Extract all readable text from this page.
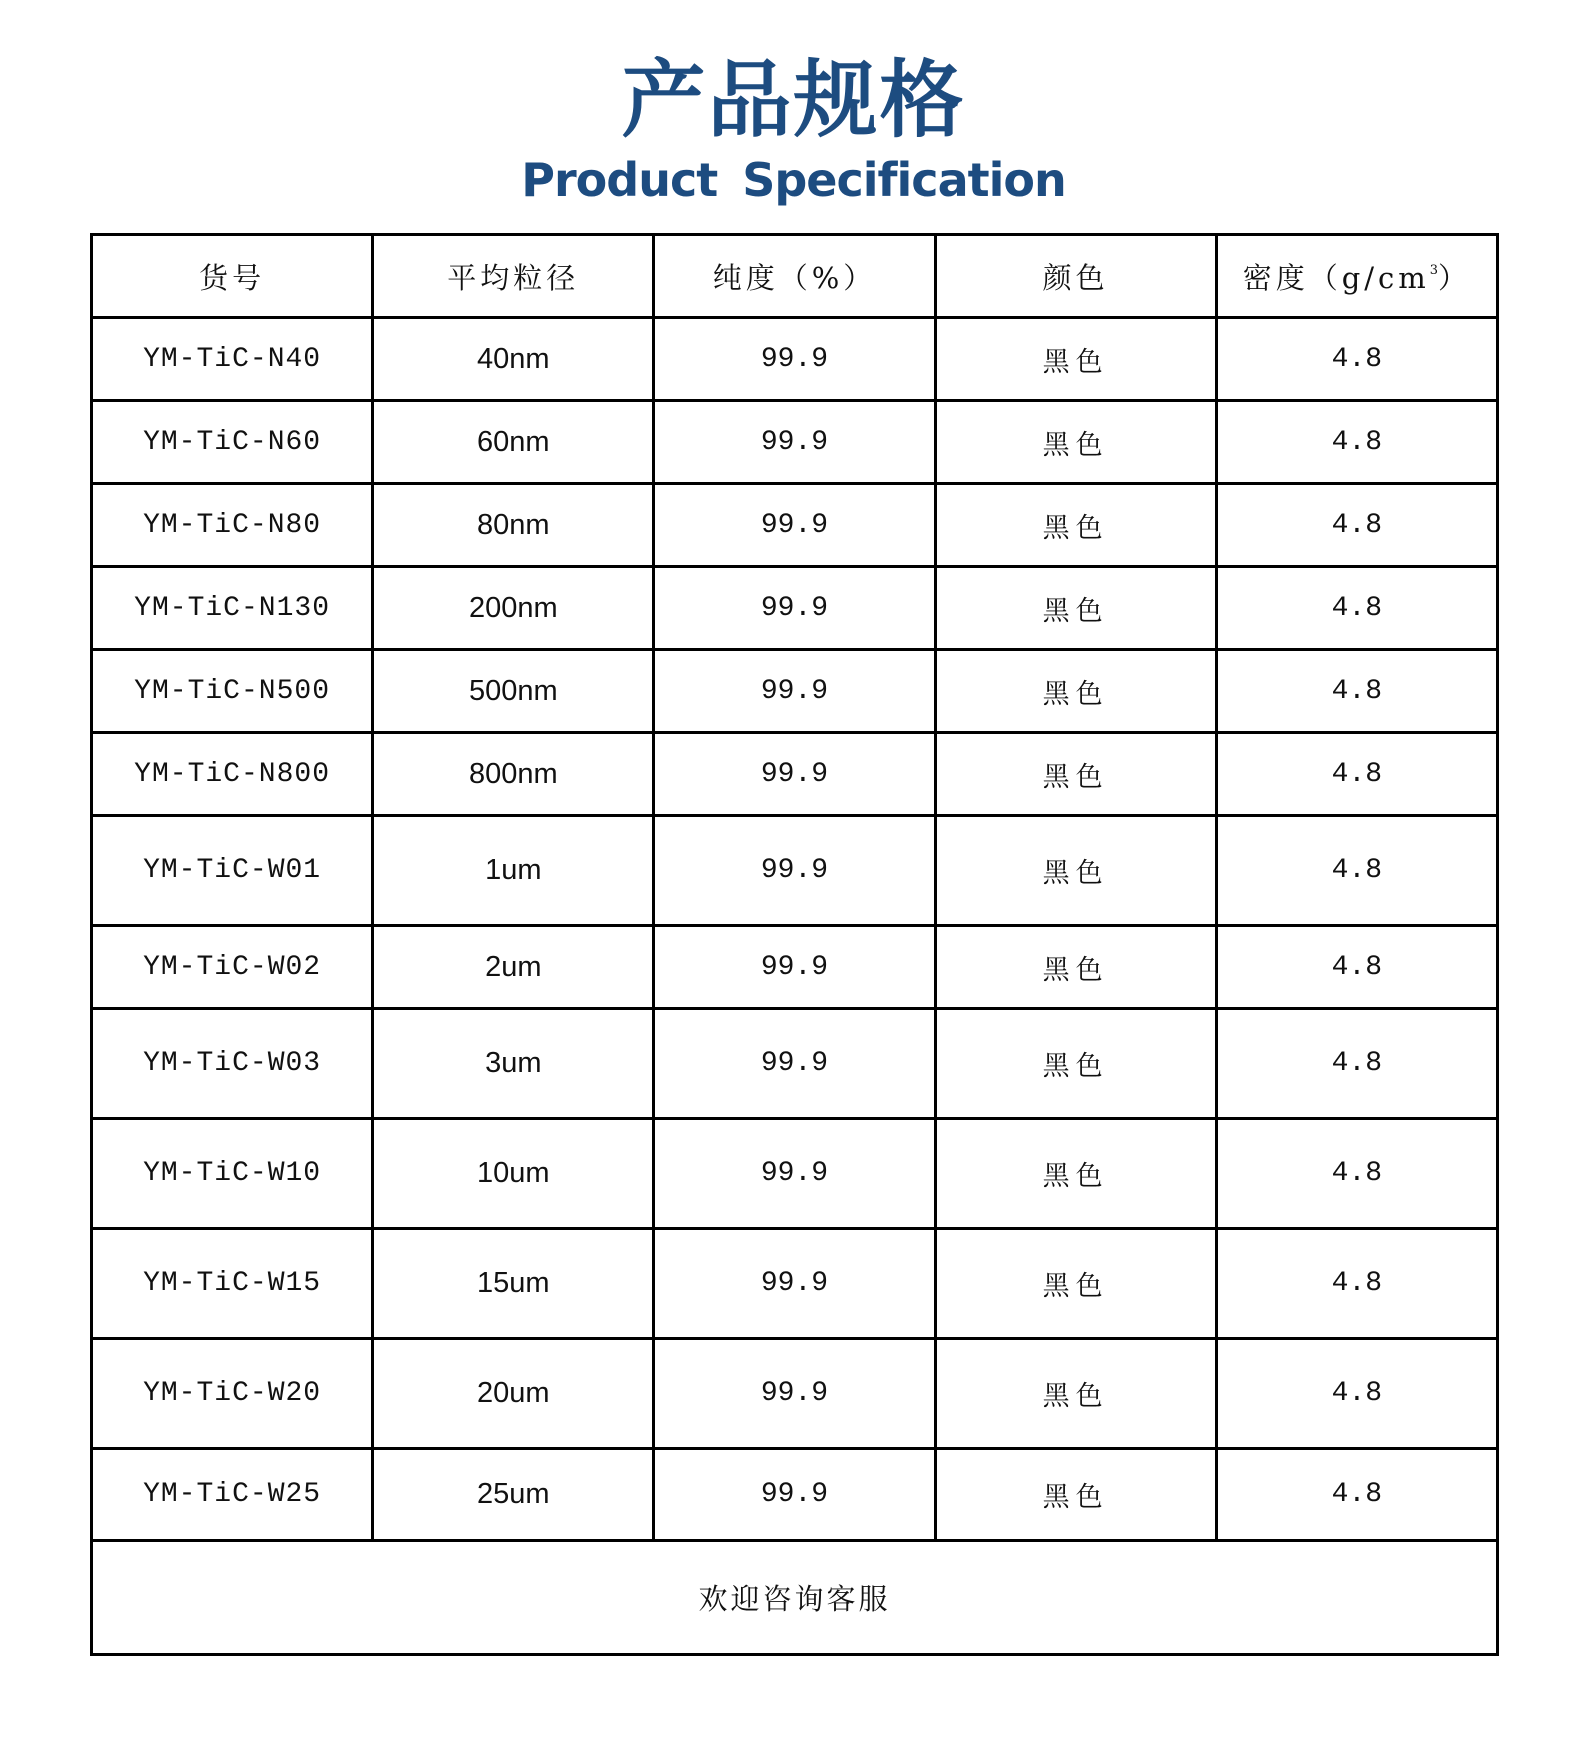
产品规格
Product Specification
货号	平均粒径	纯度（%）	颜色	密度$(g/cm^3)$
YM-TiC-N40	40nm	99.9	黑色	4.8
YM-TiC-N60	60nm	99.9	黑色	4.8
YM-TiC-N80	80nm	99.9	黑色	4.8
YM-TiC-N130	200nm	99.9	黑色	4.8
YM-TiC-N500	500nm	99.9	黑色	4.8
YM-TiC-N800	800nm	99.9	黑色	4.8
YM-TiC-W01	1um	99.9	黑色	4.8
YM-TiC-W02	2um	99.9	黑色	4.8
YM-TiC-W03	3um	99.9	黑色	4.8
YM-TiC-W10	10um	99.9	黑色	4.8
YM-TiC-W15	15um	99.9	黑色	4.8
YM-TiC-W20	20um	99.9	黑色	4.8
YM-TiC-W25	25um	99.9	黑色	4.8
欢迎咨询客服				
